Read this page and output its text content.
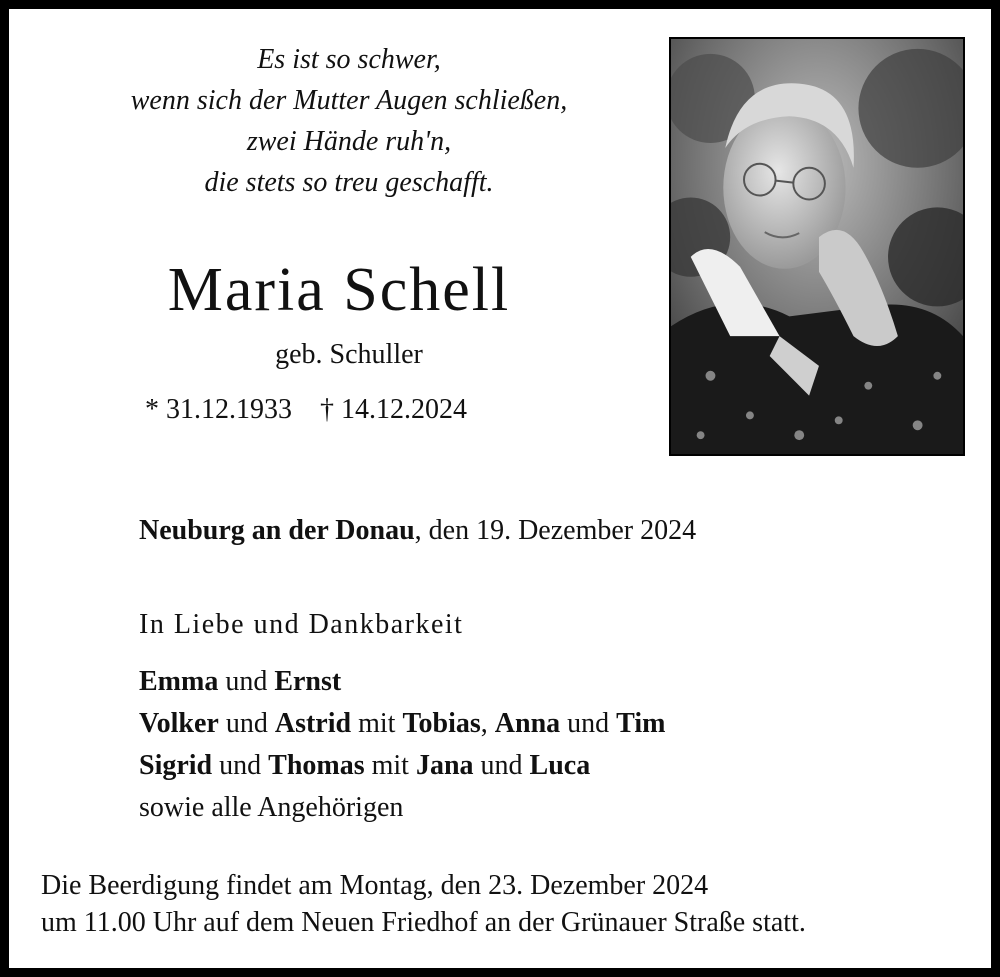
Es ist so schwer,
wenn sich der Mutter Augen schließen,
zwei Hände ruh'n,
die stets so treu geschafft.
Maria Schell
geb. Schuller
* 31.12.1933 † 14.12.2024
Neuburg an der Donau, den 19. Dezember 2024
In Liebe und Dankbarkeit
Emma und Ernst
Volker und Astrid mit Tobias, Anna und Tim
Sigrid und Thomas mit Jana und Luca
sowie alle Angehörigen
Die Beerdigung findet am Montag, den 23. Dezember 2024
um 11.00 Uhr auf dem Neuen Friedhof an der Grünauer Straße statt.
